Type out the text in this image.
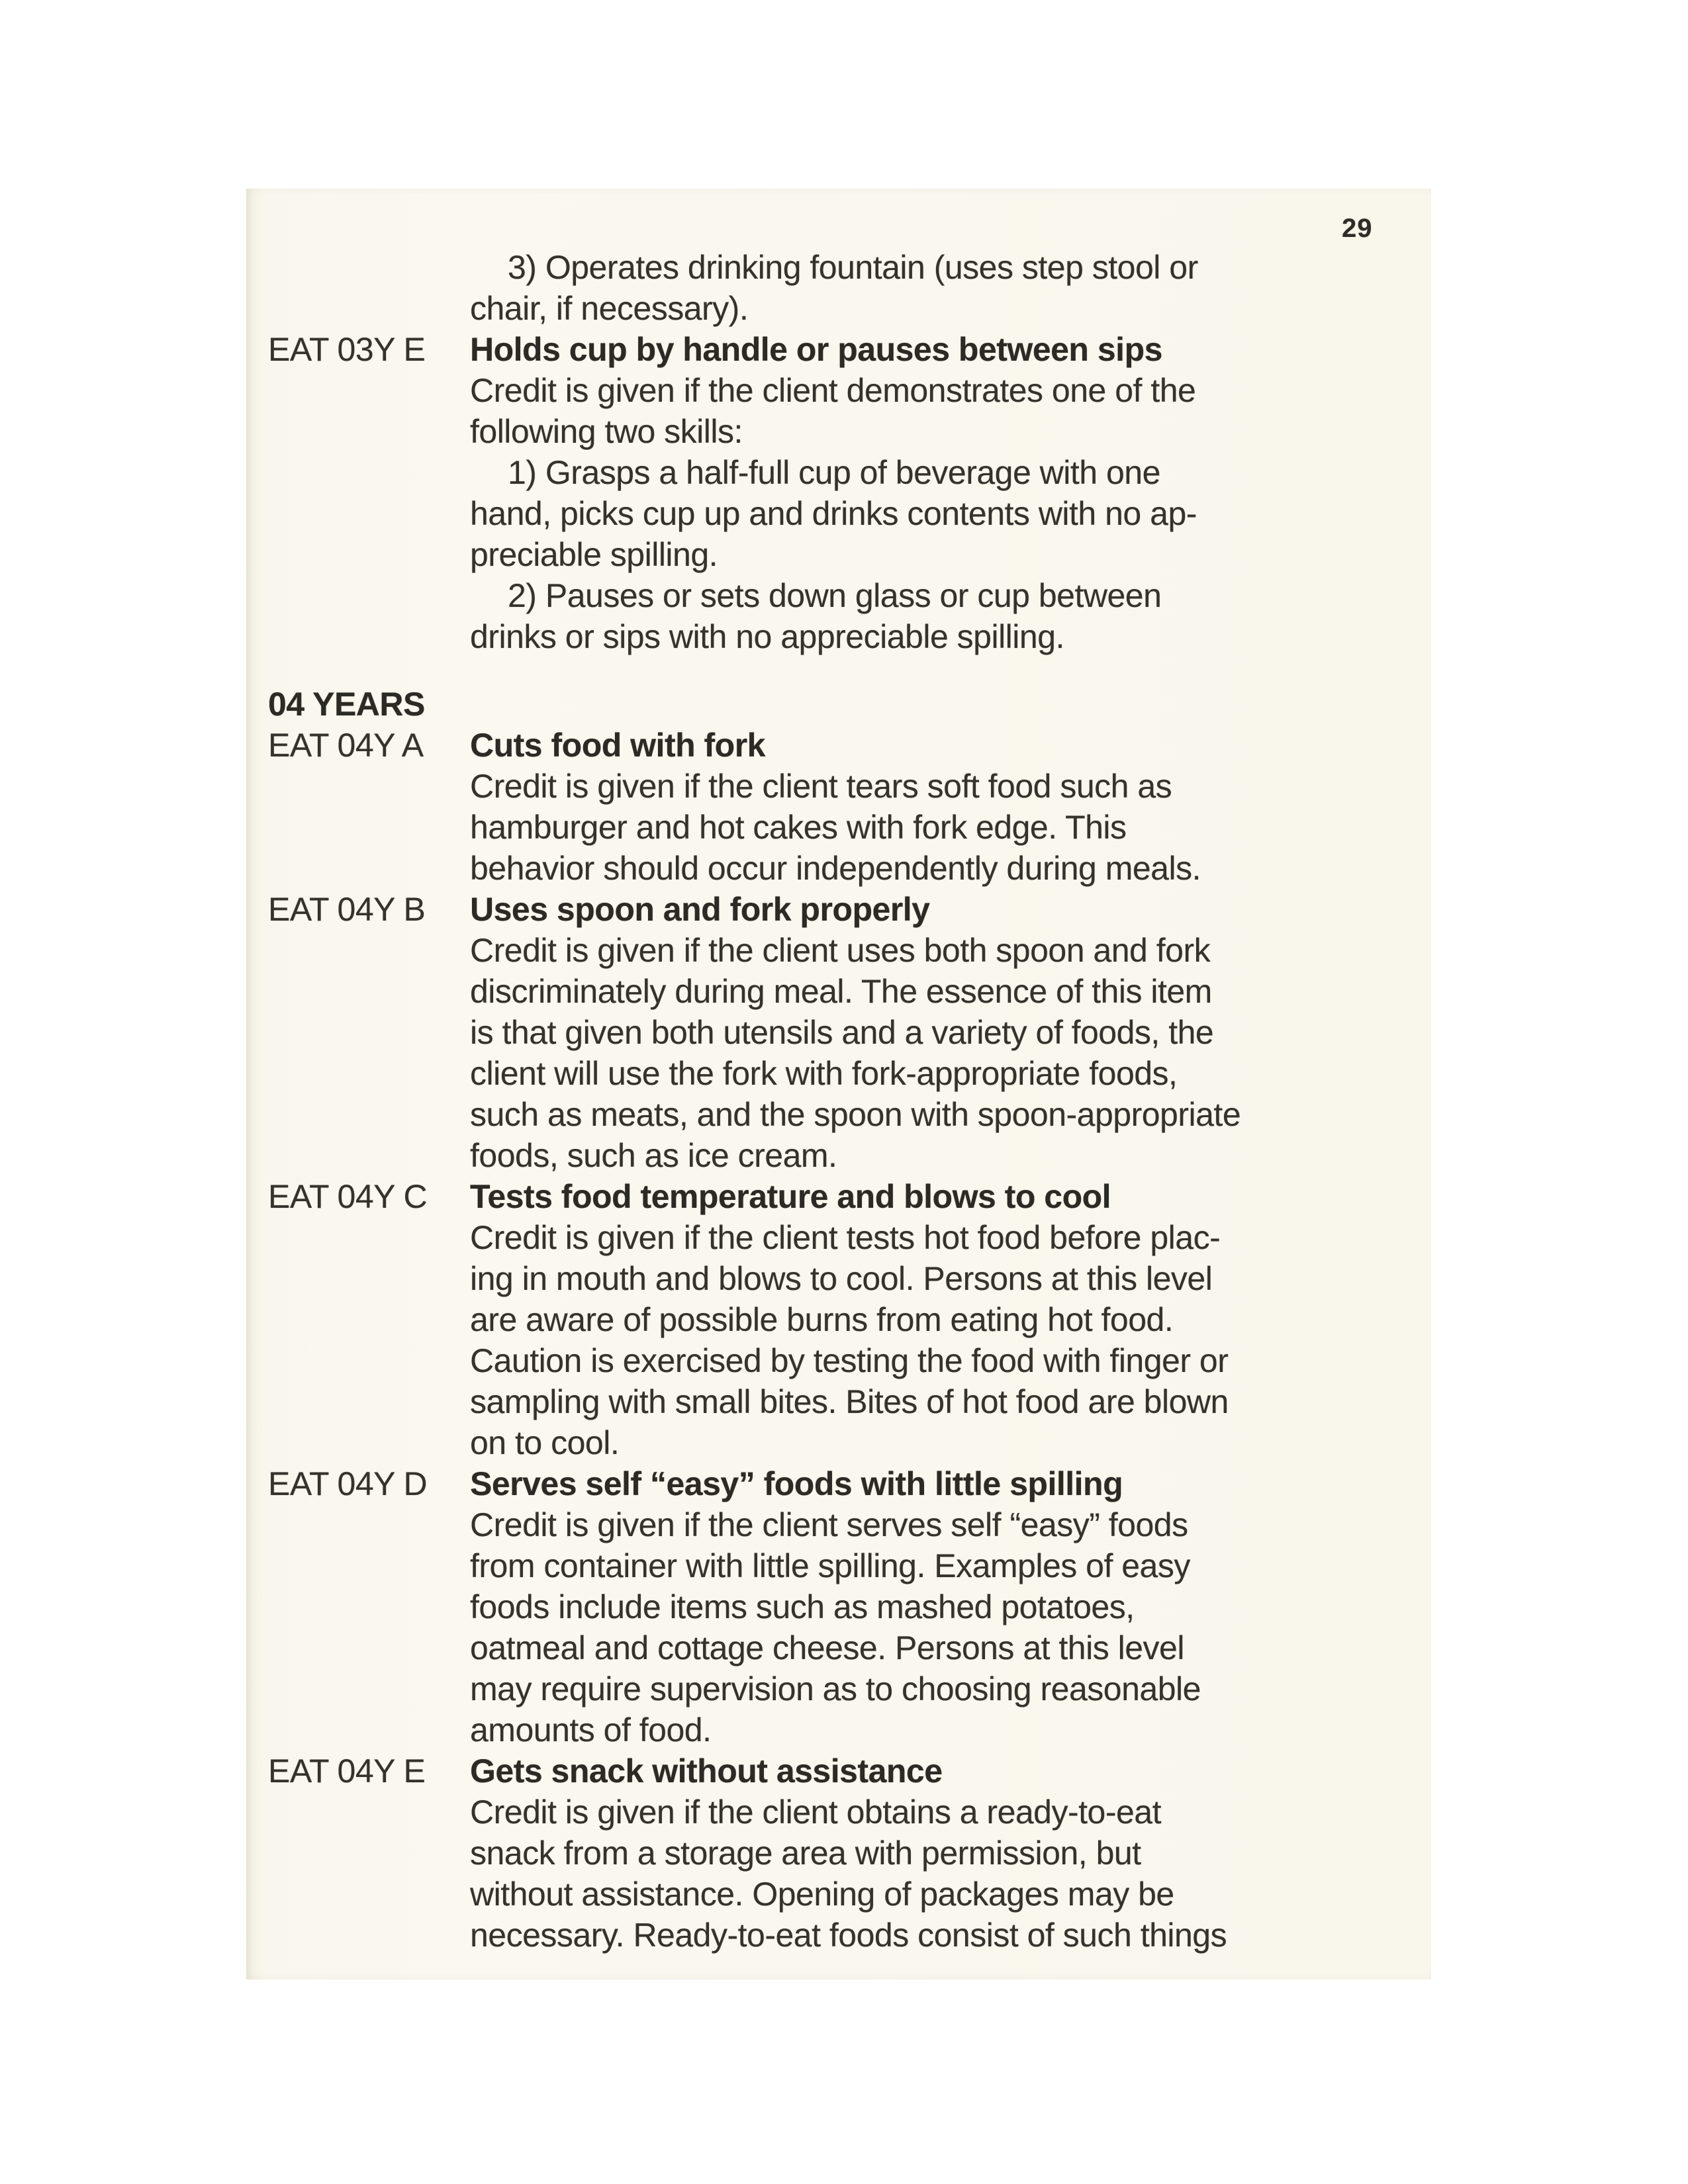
29
3) Operates drinking fountain (uses step stool or
chair, if necessary).
EAT 03Y E Holds cup by handle or pauses between sips
Credit is given if the client demonstrates one of the
following two skills:
1) Grasps a half-full cup of beverage with one
hand, picks cup up and drinks contents with no ap-
preciable spilling.
2) Pauses or sets down glass or cup between
drinks or sips with no appreciable spilling.
04 YEARS
EAT 04Y A Cuts food with fork
Credit is given if the client tears soft food such as
hamburger and hot cakes with fork edge. This
behavior should occur independently during meals.
EAT 04Y B Uses spoon and fork properly
Credit is given if the client uses both spoon and fork
discriminately during meal. The essence of this item
is that given both utensils and a variety of foods, the
client will use the fork with fork-appropriate foods,
such as meats, and the spoon with spoon-appropriate
foods, such as ice cream.
EAT 04Y C Tests food temperature and blows to cool
Credit is given if the client tests hot food before plac-
ing in mouth and blows to cool. Persons at this level
are aware of possible burns from eating hot food.
Caution is exercised by testing the food with finger or
sampling with small bites. Bites of hot food are blown
on to cool.
EAT 04Y D Serves self “easy” foods with little spilling
Credit is given if the client serves self “easy” foods
from container with little spilling. Examples of easy
foods include items such as mashed potatoes,
oatmeal and cottage cheese. Persons at this level
may require supervision as to choosing reasonable
amounts of food.
EAT 04Y E Gets snack without assistance
Credit is given if the client obtains a ready-to-eat
snack from a storage area with permission, but
without assistance. Opening of packages may be
necessary. Ready-to-eat foods consist of such things
